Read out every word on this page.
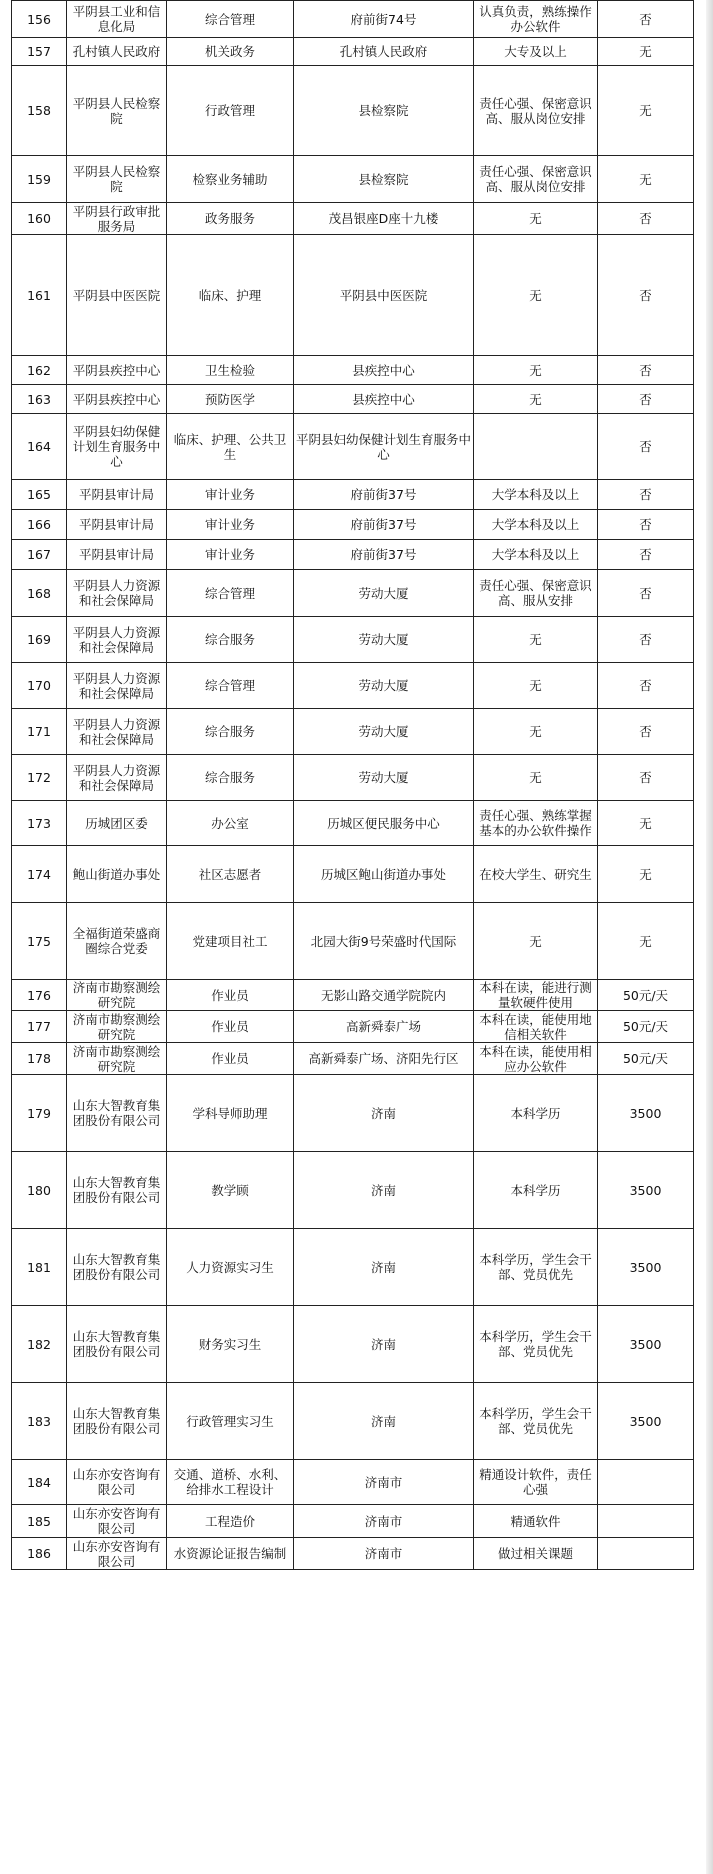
156	平阴县工业和信息化局	综合管理	府前街74号	认真负责，熟练操作办公软件	否
157	孔村镇人民政府	机关政务	孔村镇人民政府	大专及以上	无
158	平阴县人民检察院	行政管理	县检察院	责任心强、保密意识高、服从岗位安排	无
159	平阴县人民检察院	检察业务辅助	县检察院	责任心强、保密意识高、服从岗位安排	无
160	平阴县行政审批服务局	政务服务	茂昌银座D座十九楼	无	否
161	平阴县中医医院	临床、护理	平阴县中医医院	无	否
162	平阴县疾控中心	卫生检验	县疾控中心	无	否
163	平阴县疾控中心	预防医学	县疾控中心	无	否
164	平阴县妇幼保健计划生育服务中心	临床、护理、公共卫生	平阴县妇幼保健计划生育服务中心		否
165	平阴县审计局	审计业务	府前街37号	大学本科及以上	否
166	平阴县审计局	审计业务	府前街37号	大学本科及以上	否
167	平阴县审计局	审计业务	府前街37号	大学本科及以上	否
168	平阴县人力资源和社会保障局	综合管理	劳动大厦	责任心强、保密意识高、服从安排	否
169	平阴县人力资源和社会保障局	综合服务	劳动大厦	无	否
170	平阴县人力资源和社会保障局	综合管理	劳动大厦	无	否
171	平阴县人力资源和社会保障局	综合服务	劳动大厦	无	否
172	平阴县人力资源和社会保障局	综合服务	劳动大厦	无	否
173	历城团区委	办公室	历城区便民服务中心	责任心强、熟练掌握基本的办公软件操作	无
174	鲍山街道办事处	社区志愿者	历城区鲍山街道办事处	在校大学生、研究生	无
175	全福街道荣盛商圈综合党委	党建项目社工	北园大街9号荣盛时代国际	无	无
176	济南市勘察测绘研究院	作业员	无影山路交通学院院内	本科在读，能进行测量软硬件使用	50元/天
177	济南市勘察测绘研究院	作业员	高新舜泰广场	本科在读，能使用地信相关软件	50元/天
178	济南市勘察测绘研究院	作业员	高新舜泰广场、济阳先行区	本科在读，能使用相应办公软件	50元/天
179	山东大智教育集团股份有限公司	学科导师助理	济南	本科学历	3500
180	山东大智教育集团股份有限公司	教学顾	济南	本科学历	3500
181	山东大智教育集团股份有限公司	人力资源实习生	济南	本科学历，学生会干部、党员优先	3500
182	山东大智教育集团股份有限公司	财务实习生	济南	本科学历，学生会干部、党员优先	3500
183	山东大智教育集团股份有限公司	行政管理实习生	济南	本科学历，学生会干部、党员优先	3500
184	山东亦安咨询有限公司	交通、道桥、水利、给排水工程设计	济南市	精通设计软件，责任心强	
185	山东亦安咨询有限公司	工程造价	济南市	精通软件	
186	山东亦安咨询有限公司	水资源论证报告编制	济南市	做过相关课题	
